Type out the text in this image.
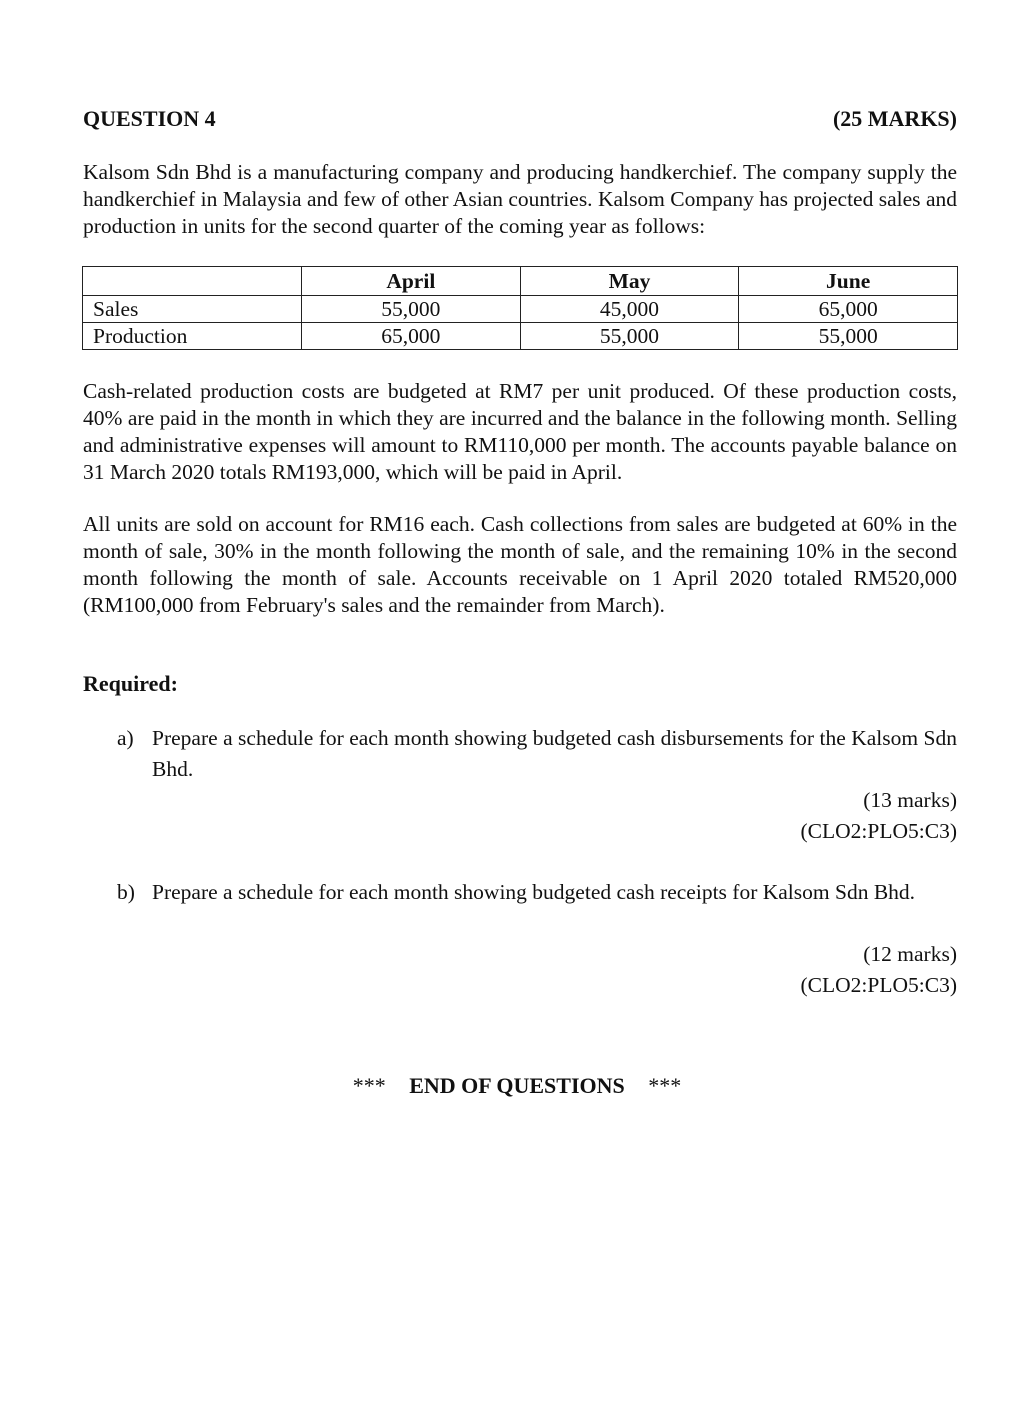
QUESTION 4	(25 MARKS)
Kalsom Sdn Bhd is a manufacturing company and producing handkerchief. The company supply the handkerchief in Malaysia and few of other Asian countries. Kalsom Company has projected sales and production in units for the second quarter of the coming year as follows:
	April	May	June
Sales	55,000	45,000	65,000
Production	65,000	55,000	55,000
Cash-related production costs are budgeted at RM7 per unit produced. Of these production costs, 40% are paid in the month in which they are incurred and the balance in the following month. Selling and administrative expenses will amount to RM110,000 per month. The accounts payable balance on 31 March 2020 totals RM193,000, which will be paid in April.
All units are sold on account for RM16 each. Cash collections from sales are budgeted at 60% in the month of sale, 30% in the month following the month of sale, and the remaining 10% in the second month following the month of sale. Accounts receivable on 1 April 2020 totaled RM520,000 (RM100,000 from February's sales and the remainder from March).
Required:
a) Prepare a schedule for each month showing budgeted cash disbursements for the Kalsom Sdn Bhd.
(13 marks)
(CLO2:PLO5:C3)
b) Prepare a schedule for each month showing budgeted cash receipts for Kalsom Sdn Bhd.
(12 marks)
(CLO2:PLO5:C3)
*** END OF QUESTIONS ***
